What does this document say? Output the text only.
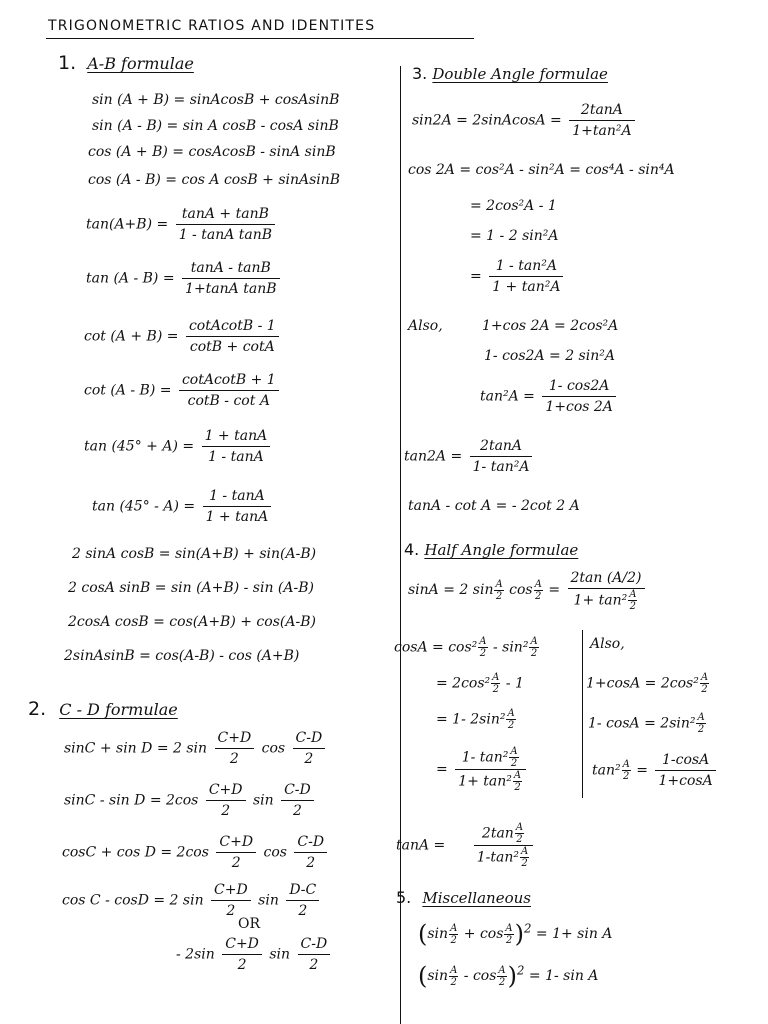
TRIGONOMETRIC RATIOS AND IDENTITES
1. A-B formulae
sin (A + B) = sinAcosB + cosAsinB
sin (A - B) = sin A cosB - cosA sinB
cos (A + B) = cosAcosB - sinA sinB
cos (A - B) = cos A cosB + sinAsinB
$\tan(A+B) = \frac{\tan A + \tan B}{\text{1 - tanA tanB}}$
$\tan (A - B) = \frac{\tan A - \tan B}{\text{1+tanA tanB}}$
$\cot (A + B) = \frac{\text{cotAcotB - 1}}{\cot B + \cot A}$
$\cot (A - B) = \frac{\text{cotAcotB + 1}}{\text{cotB - cot A}}$
$\tan (45^\circ + A) = \frac{1 + \tan A}{1 - \tan A}$
$\tan (45^\circ - A) = \frac{1 - \tan A}{1 + \tan A}$
2 sinA cosB = sin(A+B) + sin(A-B)
2 cosA sinB = sin (A+B) - sin (A-B)
2cosA cosB = cos(A+B) + cos(A-B)
2sinAsinB = cos(A-B) - cos (A+B)
2. C - D formulae
sinC + sin D = 2 $\sin \frac{C+D}{2}$ $\cos \frac{C-D}{2}$
$\sin C - \sin D = 2\cos \frac{C+D}{2}$ $\sin \frac{C-D}{2}$
$\cos C + \cos D = 2\cos \frac{C+D}{2}$ $\cos \frac{C-D}{2}$
cos C - cosD = 2 $\sin \frac{C+D}{2}$ $\sin \frac{D-C}{2}$
OR
- $2\sin \frac{C+D}{2}$ $\sin \frac{C-D}{2}$
3. Double Angle formulae
sin2A = 2sinAcosA = $\frac{2\tan A}{\text{1+tan²A}}$
cos 2A = cos²A - sin²A = cos⁴A - sin⁴A
= 2cos²A - 1
= 1 - 2 sin²A
= $\frac{\text{1 - tan²A}}{\text{1 + tan²A}}$
Also,	1+cos 2A = 2cos²A
1- cos2A = 2 sin²A
$\tan^2A = \frac{1- \cos 2A}{1+\cos 2A}$
$\tan 2A = \frac{2\tan A}{\text{1- tan²A}}$
tanA - cot A = - 2cot 2 A
4. Half Angle formulae
sinA = 2 $\sin \frac{A}{2}$ $\cos \frac{A}{2} = \frac{2\tan (A/2)}{1+ \tan^2 \frac{A}{2}}$
$\cos A = \cos^2 \frac{A}{2} - \sin^2 \frac{A}{2}$
= $2\cos^2 \frac{A}{2} - 1$
= 1- $2\sin^2 \frac{A}{2}$
= $\frac{1- \tan^2 \frac{A}{2}}{1+ \tan^2 \frac{A}{2}}$
Also,
$1+\cos A = 2\cos^2 \frac{A}{2}$
1- $\cos A = 2\sin^2 \frac{A}{2}$
$\tan^2 \frac{A}{2} = \frac{1-\cos A}{1+\cos A}$
$\tan A = \frac{2\tan \frac{A}{2}}{1-\tan^2 \frac{A}{2}}$
5. Miscellaneous
$(\sin \frac{A}{2} + \cos \frac{A}{2} )^2 = 1+ \sin A$
$(\sin \frac{A}{2} - \cos \frac{A}{2} )^2 = 1-$ sin A
